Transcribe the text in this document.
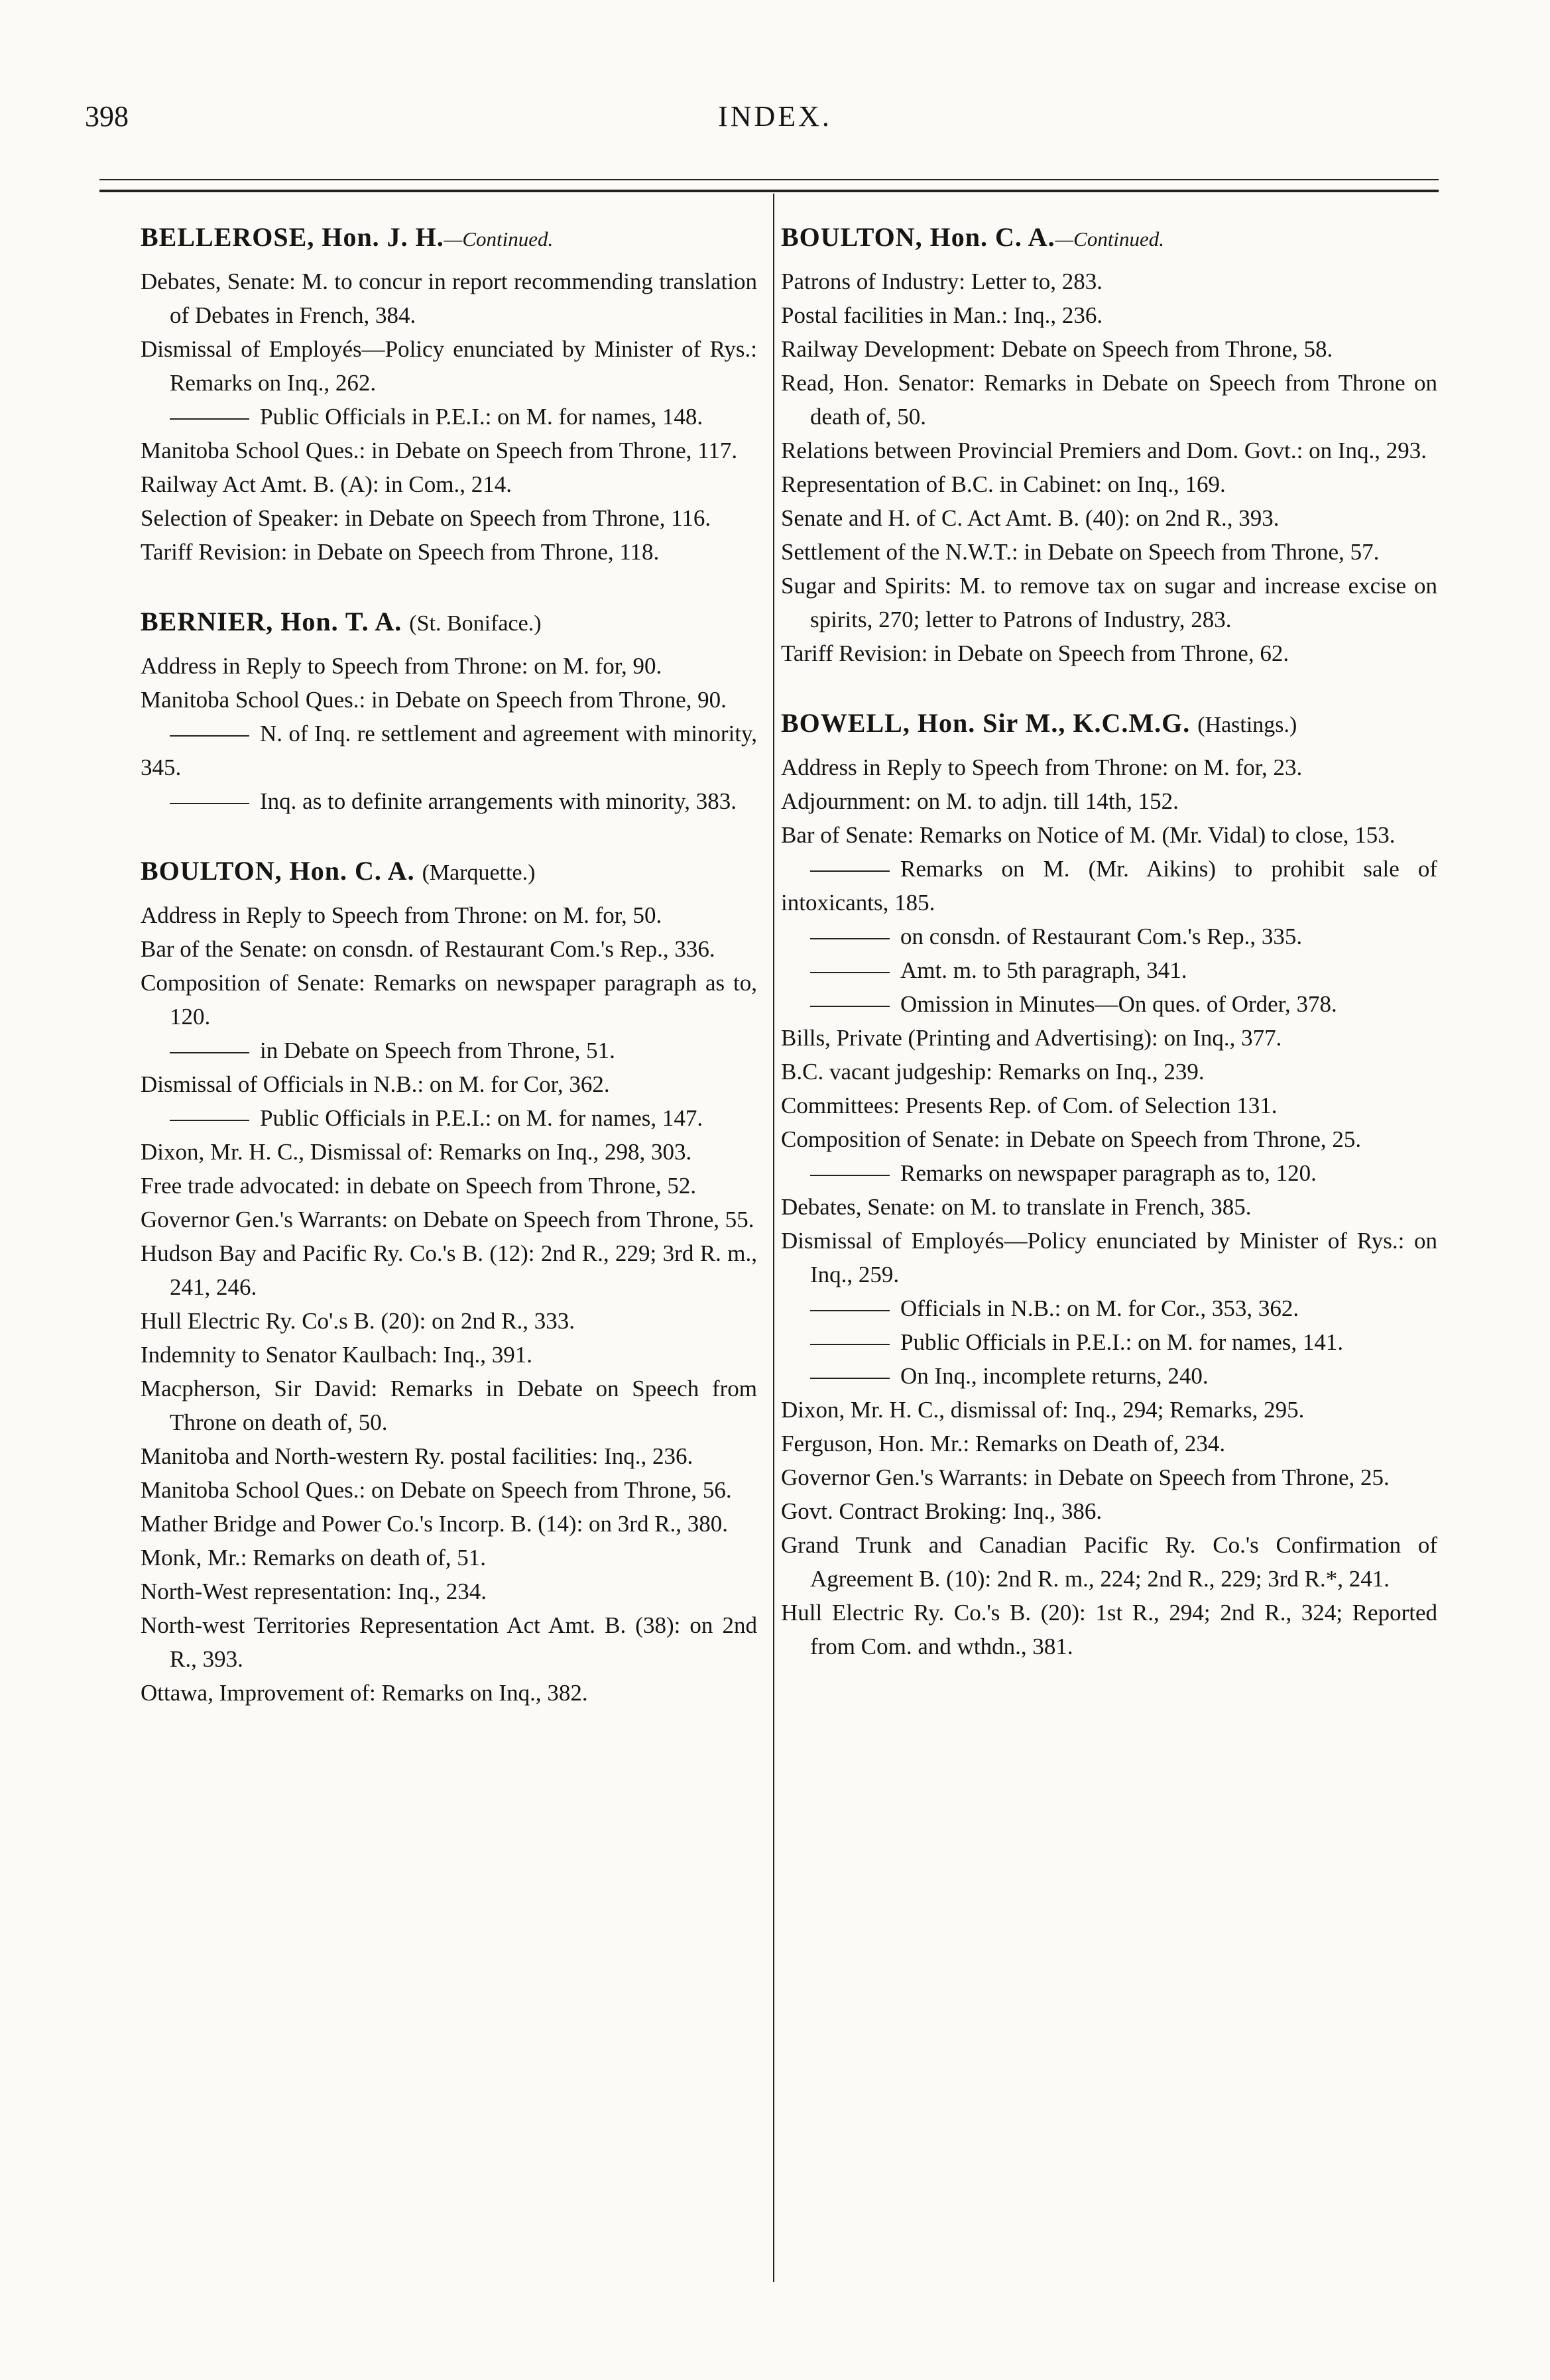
398	INDEX.
BELLEROSE, Hon. J. H.—Continued.

Debates, Senate: M. to concur in report recommending translation of Debates in French, 384.

Dismissal of Employés—Policy enunciated by Minister of Rys.: Remarks on Inq., 262.

Public Officials in P.E.I.: on M. for names, 148.

Manitoba School Ques.: in Debate on Speech from Throne, 117.

Railway Act Amt. B. (A): in Com., 214.

Selection of Speaker: in Debate on Speech from Throne, 116.

Tariff Revision: in Debate on Speech from Throne, 118.

BERNIER, Hon. T. A. (St. Boniface.)

Address in Reply to Speech from Throne: on M. for, 90.

Manitoba School Ques.: in Debate on Speech from Throne, 90.

N. of Inq. re settlement and agreement with minority, 345.

Inq. as to definite arrangements with minority, 383.

BOULTON, Hon. C. A. (Marquette.)

Address in Reply to Speech from Throne: on M. for, 50.

Bar of the Senate: on consdn. of Restaurant Com.'s Rep., 336.

Composition of Senate: Remarks on newspaper paragraph as to, 120.

in Debate on Speech from Throne, 51.

Dismissal of Officials in N.B.: on M. for Cor, 362.

Public Officials in P.E.I.: on M. for names, 147.

Dixon, Mr. H. C., Dismissal of: Remarks on Inq., 298, 303.

Free trade advocated: in debate on Speech from Throne, 52.

Governor Gen.'s Warrants: on Debate on Speech from Throne, 55.

Hudson Bay and Pacific Ry. Co.'s B. (12): 2nd R., 229; 3rd R. m., 241, 246.

Hull Electric Ry. Co'.s B. (20): on 2nd R., 333.

Indemnity to Senator Kaulbach: Inq., 391.

Macpherson, Sir David: Remarks in Debate on Speech from Throne on death of, 50.

Manitoba and North-western Ry. postal facilities: Inq., 236.

Manitoba School Ques.: on Debate on Speech from Throne, 56.

Mather Bridge and Power Co.'s Incorp. B. (14): on 3rd R., 380.

Monk, Mr.: Remarks on death of, 51.

North-West representation: Inq., 234.

North-west Territories Representation Act Amt. B. (38): on 2nd R., 393.

Ottawa, Improvement of: Remarks on Inq., 382.

BOULTON, Hon. C. A.—Continued.

Patrons of Industry: Letter to, 283.

Postal facilities in Man.: Inq., 236.

Railway Development: Debate on Speech from Throne, 58.

Read, Hon. Senator: Remarks in Debate on Speech from Throne on death of, 50.

Relations between Provincial Premiers and Dom. Govt.: on Inq., 293.

Representation of B.C. in Cabinet: on Inq., 169.

Senate and H. of C. Act Amt. B. (40): on 2nd R., 393.

Settlement of the N.W.T.: in Debate on Speech from Throne, 57.

Sugar and Spirits: M. to remove tax on sugar and increase excise on spirits, 270; letter to Patrons of Industry, 283.

Tariff Revision: in Debate on Speech from Throne, 62.

BOWELL, Hon. Sir M., K.C.M.G. (Hastings.)

Address in Reply to Speech from Throne: on M. for, 23.

Adjournment: on M. to adjn. till 14th, 152.

Bar of Senate: Remarks on Notice of M. (Mr. Vidal) to close, 153.

Remarks on M. (Mr. Aikins) to prohibit sale of intoxicants, 185.

on consdn. of Restaurant Com.'s Rep., 335.

Amt. m. to 5th paragraph, 341.

Omission in Minutes—On ques. of Order, 378.

Bills, Private (Printing and Advertising): on Inq., 377.

B.C. vacant judgeship: Remarks on Inq., 239.

Committees: Presents Rep. of Com. of Selection 131.

Composition of Senate: in Debate on Speech from Throne, 25.

Remarks on newspaper paragraph as to, 120.

Debates, Senate: on M. to translate in French, 385.

Dismissal of Employés—Policy enunciated by Minister of Rys.: on Inq., 259.

Officials in N.B.: on M. for Cor., 353, 362.

Public Officials in P.E.I.: on M. for names, 141.

On Inq., incomplete returns, 240.

Dixon, Mr. H. C., dismissal of: Inq., 294; Remarks, 295.

Ferguson, Hon. Mr.: Remarks on Death of, 234.

Governor Gen.'s Warrants: in Debate on Speech from Throne, 25.

Govt. Contract Broking: Inq., 386.

Grand Trunk and Canadian Pacific Ry. Co.'s Confirmation of Agreement B. (10): 2nd R. m., 224; 2nd R., 229; 3rd R.*, 241.

Hull Electric Ry. Co.'s B. (20): 1st R., 294; 2nd R., 324; Reported from Com. and wthdn., 381.
